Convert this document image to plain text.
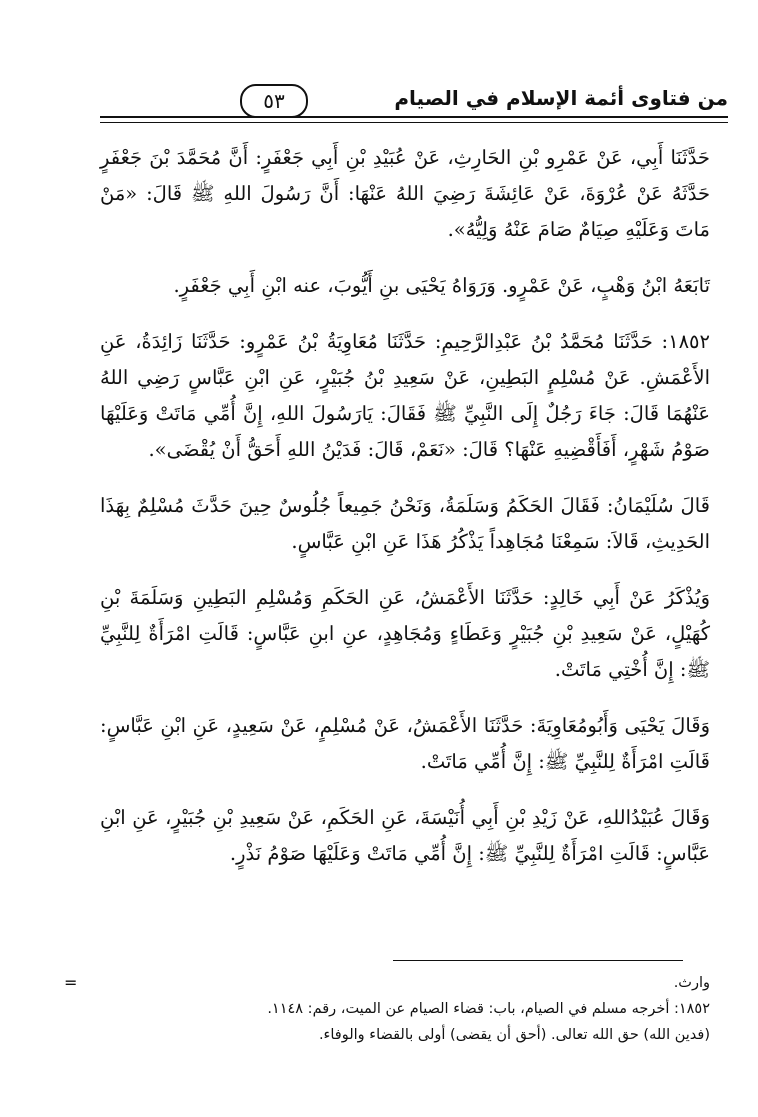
من فتاوى أئمة الإسلام في الصيام
٥٣

حَدَّثَنَا أَبِي، عَنْ عَمْرِو بْنِ الحَارِثِ، عَنْ عُبَيْدِ بْنِ أَبِي جَعْفَرٍ: أَنَّ مُحَمَّدَ بْنَ جَعْفَرٍ حَدَّثَهُ عَنْ عُرْوَةَ، عَنْ عَائِشَةَ رَضِيَ اللهُ عَنْهَا: أَنَّ رَسُولَ اللهِ ﷺ قَالَ: «مَنْ مَاتَ وَعَلَيْهِ صِيَامٌ صَامَ عَنْهُ وَلِيُّهُ».

تَابَعَهُ ابْنُ وَهْبٍ، عَنْ عَمْرٍو. وَرَوَاهُ يَحْيَى بنِ أَيُّوبَ، عنه ابْنِ أَبِي جَعْفَرٍ.

١٨٥٢: حَدَّثَنَا مُحَمَّدُ بْنُ عَبْدِالرَّحِيمِ: حَدَّثَنَا مُعَاوِيَةُ بْنُ عَمْرٍو: حَدَّثَنَا زَائِدَةُ، عَنِ الأَعْمَشِ. عَنْ مُسْلِمٍ البَطِينِ، عَنْ سَعِيدِ بْنُ جُبَيْرٍ، عَنِ ابْنِ عَبَّاسٍ رَضِي اللهُ عَنْهُمَا قَالَ: جَاءَ رَجُلٌ إِلَى النَّبِيِّ ﷺ فَقَالَ: يَارَسُولَ اللهِ، إِنَّ أُمِّي مَاتَتْ وَعَلَيْهَا صَوْمُ شَهْرٍ، أَفَأَقْضِيهِ عَنْهَا؟ قَالَ: «نَعَمْ، قَالَ: فَدَيْنُ اللهِ أَحَقُّ أَنْ يُقْضَى».

قَالَ سُلَيْمَانُ: فَقَالَ الحَكَمُ وَسَلَمَةُ، وَنَحْنُ جَمِيعاً جُلُوسٌ حِينَ حَدَّثَ مُسْلِمٌ بِهَذَا الحَدِيثِ، قَالاَ: سَمِعْنَا مُجَاهِداً يَذْكُرُ هَذَا عَنِ ابْنِ عَبَّاسٍ.

وَيُذْكَرُ عَنْ أَبِي خَالِدٍ: حَدَّثَنَا الأَعْمَشُ، عَنِ الحَكَمِ وَمُسْلِمِ البَطِينِ وَسَلَمَةَ بْنِ كُهَيْلٍ، عَنْ سَعِيدِ بْنِ جُبَيْرٍ وَعَطَاءٍ وَمُجَاهِدٍ، عنِ ابنِ عَبَّاسٍ: قَالَتِ امْرَأَةٌ لِلنَّبِيِّ ﷺ: إِنَّ أُخْتِي مَاتَتْ.

وَقَالَ يَحْيَى وَأَبُومُعَاوِيَةَ: حَدَّثَنَا الأَعْمَشُ، عَنْ مُسْلِمٍ، عَنْ سَعِيدٍ، عَنِ ابْنِ عَبَّاسٍ: قَالَتِ امْرَأَةٌ لِلنَّبِيِّ ﷺ: إِنَّ أُمِّي مَاتَتْ.

وَقَالَ عُبَيْدُاللهِ، عَنْ زَيْدِ بْنِ أَبِي أُنَيْسَةَ، عَنِ الحَكَمِ، عَنْ سَعِيدِ بْنِ جُبَيْرٍ، عَنِ ابْنِ عَبَّاسٍ: قَالَتِ امْرَأَةٌ لِلنَّبِيِّ ﷺ: إِنَّ أُمِّي مَاتَتْ وَعَلَيْهَا صَوْمُ نَذْرٍ.

=	وارث.
١٨٥٢: أخرجه مسلم في الصيام، باب: قضاء الصيام عن الميت، رقم: ١١٤٨.
(فدين الله) حق الله تعالى. (أحق أن يقضى) أولى بالقضاء والوفاء.
